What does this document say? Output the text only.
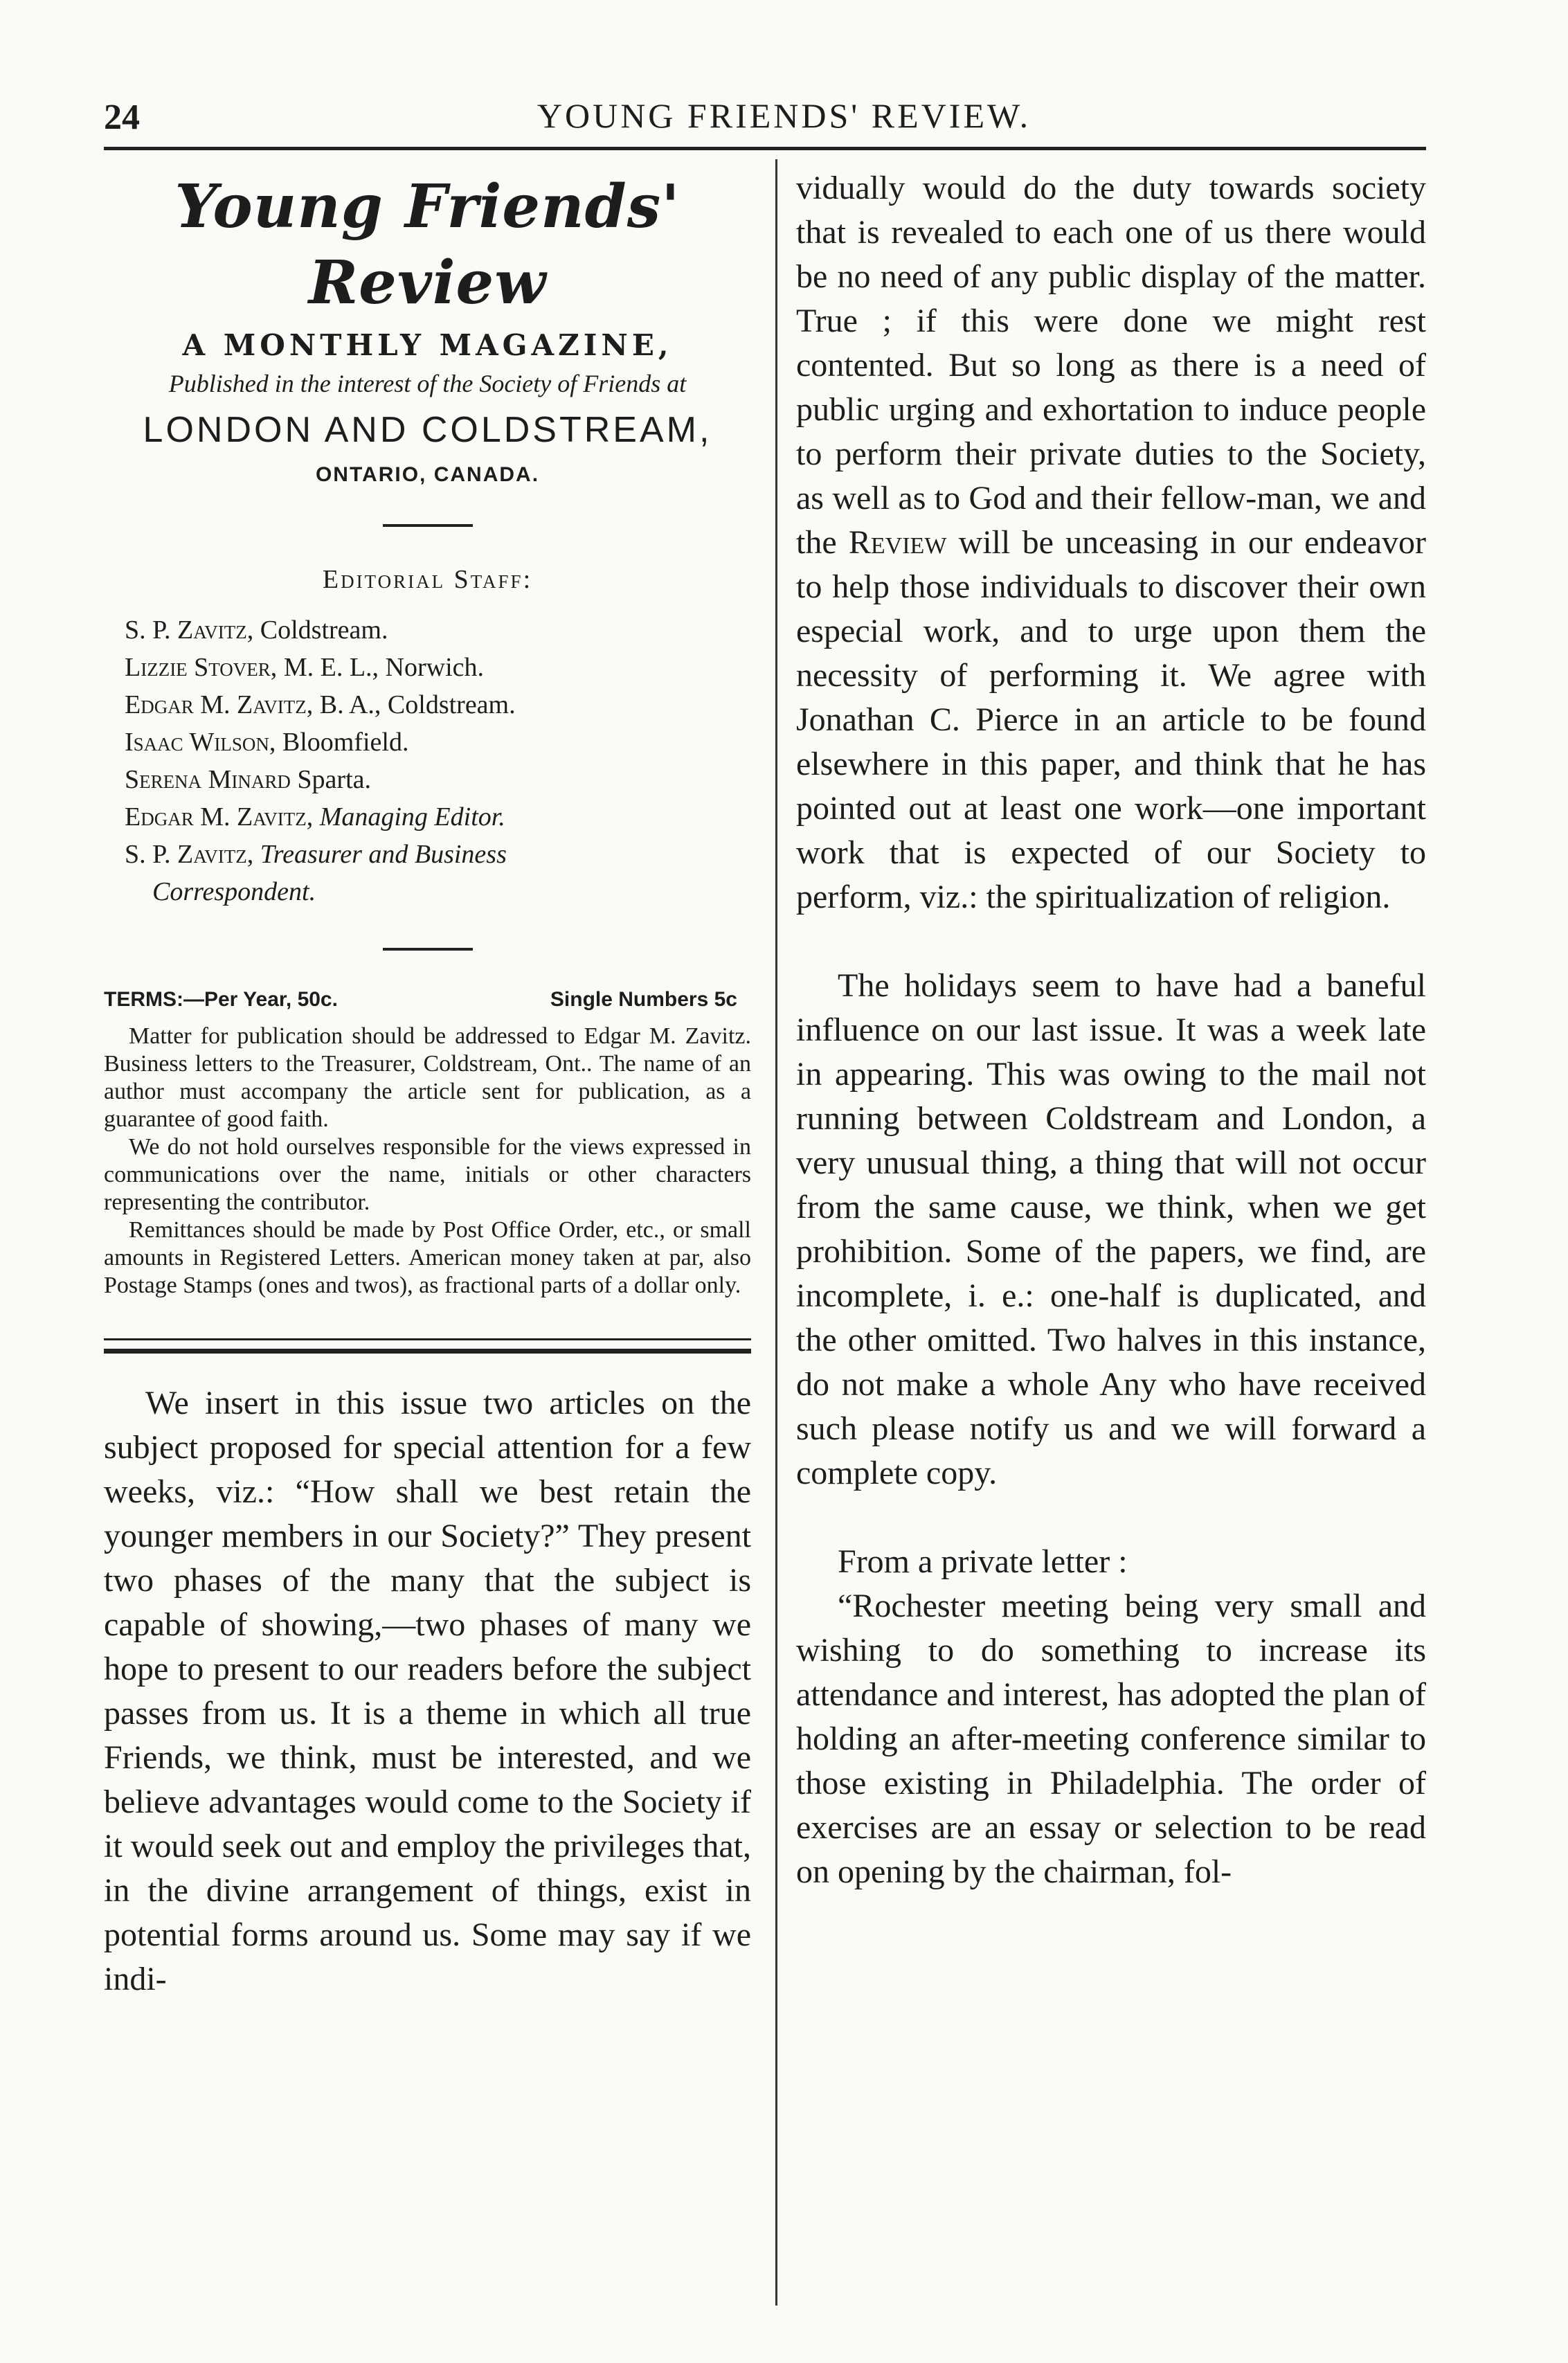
24	YOUNG FRIENDS' REVIEW.
Young Friends' Review
A MONTHLY MAGAZINE,
Published in the interest of the Society of Friends at
LONDON AND COLDSTREAM,
ONTARIO, CANADA.
Editorial Staff:
S. P. Zavitz, Coldstream.
Lizzie Stover, M. E. L., Norwich.
Edgar M. Zavitz, B. A., Coldstream.
Isaac Wilson, Bloomfield.
Serena Minard Sparta.
Edgar M. Zavitz, Managing Editor.
S. P. Zavitz, Treasurer and Business
Correspondent.
TERMS:—Per Year, 50c.	Single Numbers 5c

Matter for publication should be addressed to Edgar M. Zavitz. Business letters to the Treasurer, Coldstream, Ont.. The name of an author must accompany the article sent for publication, as a guarantee of good faith.

We do not hold ourselves responsible for the views expressed in communications over the name, initials or other characters representing the contributor.

Remittances should be made by Post Office Order, etc., or small amounts in Registered Letters. American money taken at par, also Postage Stamps (ones and twos), as fractional parts of a dollar only.

We insert in this issue two articles on the subject proposed for special attention for a few weeks, viz.: “How shall we best retain the younger members in our Society?” They present two phases of the many that the subject is capable of showing,—two phases of many we hope to present to our readers before the subject passes from us. It is a theme in which all true Friends, we think, must be interested, and we believe advantages would come to the Society if it would seek out and employ the privileges that, in the divine arrangement of things, exist in potential forms around us. Some may say if we indi-

vidually would do the duty towards society that is revealed to each one of us there would be no need of any public display of the matter. True ; if this were done we might rest contented. But so long as there is a need of public urging and exhortation to induce people to perform their private duties to the Society, as well as to God and their fellow-man, we and the Review will be unceasing in our endeavor to help those individuals to discover their own especial work, and to urge upon them the necessity of performing it. We agree with Jonathan C. Pierce in an article to be found elsewhere in this paper, and think that he has pointed out at least one work—one important work that is expected of our Society to perform, viz.: the spiritualization of religion.

The holidays seem to have had a baneful influence on our last issue. It was a week late in appearing. This was owing to the mail not running between Coldstream and London, a very unusual thing, a thing that will not occur from the same cause, we think, when we get prohibition. Some of the papers, we find, are incomplete, i. e.: one-half is duplicated, and the other omitted. Two halves in this instance, do not make a whole Any who have received such please notify us and we will forward a complete copy.

From a private letter :

“Rochester meeting being very small and wishing to do something to increase its attendance and interest, has adopted the plan of holding an after-meeting conference similar to those existing in Philadelphia. The order of exercises are an essay or selection to be read on opening by the chairman, fol-
